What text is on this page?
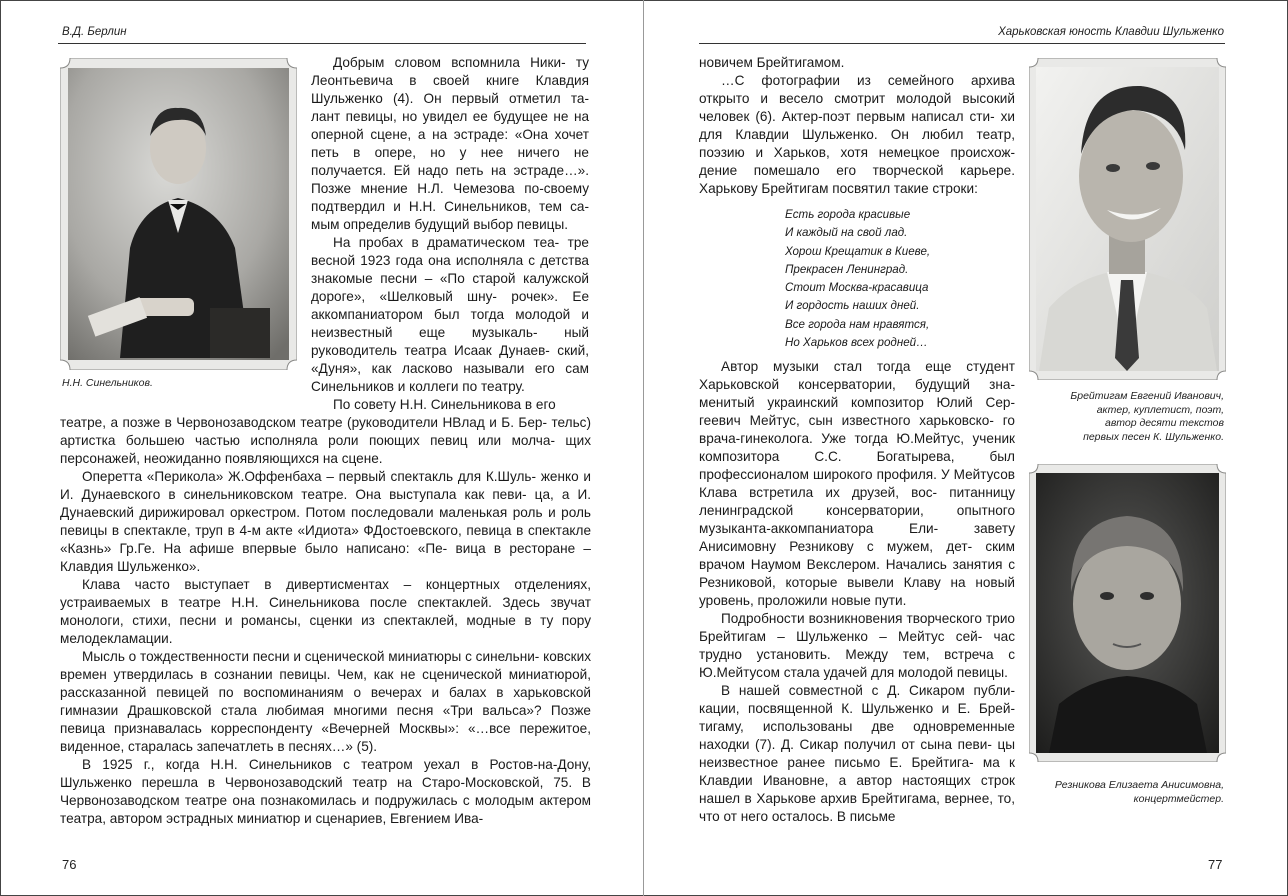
В.Д. Берлин
Н.Н. Синельников.

Добрым словом вспомнила Ники- ту Леонтьевича в своей книге Клавдия Шульженко (4). Он первый отметил та- лант певицы, но увидел ее будущее не на оперной сцене, а на эстраде: «Она хочет петь в опере, но у нее ничего не получается. Ей надо петь на эстраде…». Позже мнение Н.Л. Чемезова по-своему подтвердил и Н.Н. Синельников, тем са- мым определив будущий выбор певицы.

На пробах в драматическом теа- тре весной 1923 года она исполняла с детства знакомые песни – «По старой калужской дороге», «Шелковый шну- рочек». Ее аккомпаниатором был тогда молодой и неизвестный еще музыкаль- ный руководитель театра Исаак Дунаев- ский, «Дуня», как ласково называли его сам Синельников и коллеги по театру.

По совету Н.Н. Синельникова в его

театре, а позже в Червонозаводском театре (руководители НВлад и Б. Бер- тельс) артистка большею частью исполняла роли поющих певиц или молча- щих персонажей, неожиданно появляющихся на сцене.

Оперетта «Перикола» Ж.Оффенбаха – первый спектакль для К.Шуль- женко и И. Дунаевского в синельниковском театре. Она выступала как певи- ца, а И. Дунаевский дирижировал оркестром. Потом последовали маленькая роль и роль певицы в спектакле, труп в 4-м акте «Идиота» ФДостоевского, певица в спектакле «Казнь» Гр.Ге. На афише впервые было написано: «Пе- вица в ресторане – Клавдия Шульженко».

Клава часто выступает в дивертисментах – концертных отделениях, устраиваемых в театре Н.Н. Синельникова после спектаклей. Здесь звучат монологи, стихи, песни и романсы, сценки из спектаклей, модные в ту пору мелодекламации.

Мысль о тождественности песни и сценической миниатюры с синельни- ковских времен утвердилась в сознании певицы. Чем, как не сценической миниатюрой, рассказанной певицей по воспоминаниям о вечерах и балах в харьковской гимназии Драшковской стала любимая многими песня «Три вальса»? Позже певица признавалась корреспонденту «Вечерней Москвы»: «…все пережитое, виденное, старалась запечатлеть в песнях…» (5).

В 1925 г., когда Н.Н. Синельников с театром уехал в Ростов-на-Дону, Шульженко перешла в Червонозаводский театр на Старо-Московской, 75. В Червонозаводском театре она познакомилась и подружилась с молодым актером театра, автором эстрадных миниатюр и сценариев, Евгением Ива-

76
Харьковская юность Клавдии Шульженко

новичем Брейтигамом.

…С фотографии из семейного архива открыто и весело смотрит молодой высокий человек (6). Актер-поэт первым написал сти- хи для Клавдии Шульженко. Он любил театр, поэзию и Харьков, хотя немецкое происхож- дение помешало его творческой карьере. Харькову Брейтигам посвятил такие строки:

Есть города красивые
И каждый на свой лад.
Хорош Крещатик в Киеве,
Прекрасен Ленинград.
Стоит Москва-красавица
И гордость наших дней.
Все города нам нравятся,
Но Харьков всех родней…

Автор музыки стал тогда еще студент Харьковской консерватории, будущий зна- менитый украинский композитор Юлий Сер- геевич Мейтус, сын известного харьковско- го врача-гинеколога. Уже тогда Ю.Мейтус, ученик композитора С.С. Богатырева, был профессионалом широкого профиля. У Мейтусов Клава встретила их друзей, вос- питанницу ленинградской консерватории, опытного музыканта-аккомпаниатора Ели-	завету Анисимовну Резникову с мужем, дет- ским врачом Наумом Векслером. Начались занятия с Резниковой, которые вывели Клаву на новый уровень, проложили новые пути.

Подробности возникновения творческого трио Брейтигам – Шульженко – Мейтус сей- час трудно установить. Между тем, встреча с Ю.Мейтусом стала удачей для молодой певицы.

В нашей совместной с Д. Сикаром публи- кации, посвященной К. Шульженко и Е. Брей- тигаму, использованы две одновременные находки (7). Д. Сикар получил от сына певи- цы неизвестное ранее письмо Е. Брейтига- ма к Клавдии Ивановне, а автор настоящих строк нашел в Харькове архив Брейтигама, вернее, то, что от него осталось. В письме

Брейтигам Евгений Иванович,
актер, куплетист, поэт,
автор десяти текстов
первых песен К. Шульженко.
Резникова Елизаета Анисимовна,
концертмейстер.
77
